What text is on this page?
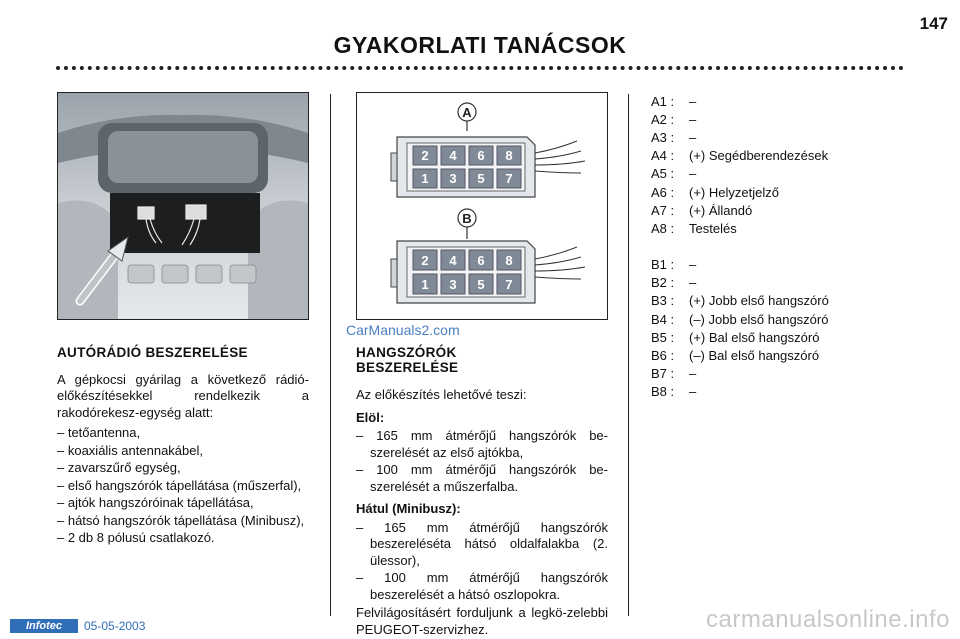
147
GYAKORLATI TANÁCSOK
A
2 4 6 8
1 3 5 7
B
2 4 6 8
1 3 5 7
CarManuals2.com
AUTÓRÁDIÓ BESZERELÉSE

A gépkocsi gyárilag a következő rádió-előkészítésekkel rendelkezik a rakodórekesz-egység alatt:

– tetőantenna,
– koaxiális antennakábel,
– zavarszűrő egység,
– első hangszórók tápellátása (műszerfal),
– ajtók hangszóróinak tápellátása,
– hátsó hangszórók tápellátása (Minibusz),
– 2 db 8 pólusú csatlakozó.
HANGSZÓRÓK
BESZERELÉSE

Az előkészítés lehetővé teszi:

Elöl:
– 165 mm átmérőjű hangszórók be-szerelését az első ajtókba,
– 100 mm átmérőjű hangszórók be-szerelését a műszerfalba.
Hátul (Minibusz):
– 165 mm átmérőjű hangszórók beszereléséta hátsó oldalfalakba (2. ülessor),
– 100 mm átmérőjű hangszórók beszerelését a hátsó oszlopokra.

Felvilágosításért forduljunk a legkö-zelebbi PEUGEOT-szervizhez.

A1 :	–
A2 :	–
A3 :	–
A4 :	(+) Segédberendezések
A5 :	–
A6 :	(+) Helyzetjelző
A7 :	(+) Állandó
A8 :	Testelés
B1 :	–
B2 :	–
B3 :	(+) Jobb első hangszóró
B4 :	(–) Jobb első hangszóró
B5 :	(+) Bal első hangszóró
B6 :	(–) Bal első hangszóró
B7 :	–
B8 :	–
Infotec	05-05-2003	carmanualsonline.info
